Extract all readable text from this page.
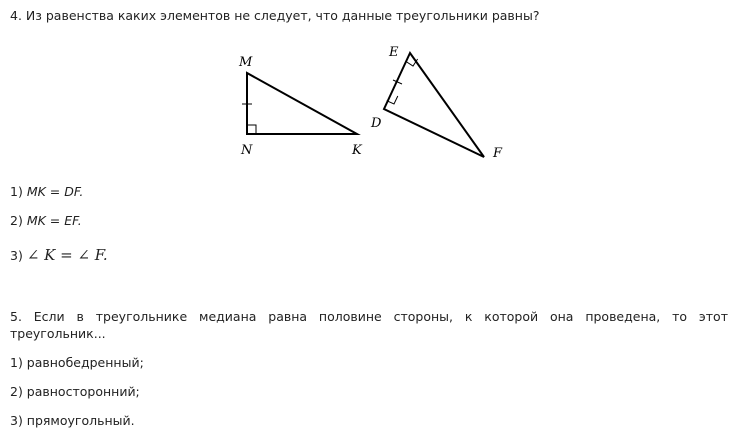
4. Из равенства каких элементов не следует, что данные треугольники равны?
M
N	K
E
D
F
1) MK = DF.
2) MK = EF.
3) ∠ K = ∠ F.
5. Если в треугольнике медиана равна половине стороны, к которой она проведена, то этот
треугольник...
1) равнобедренный;
2) равносторонний;
3) прямоугольный.
